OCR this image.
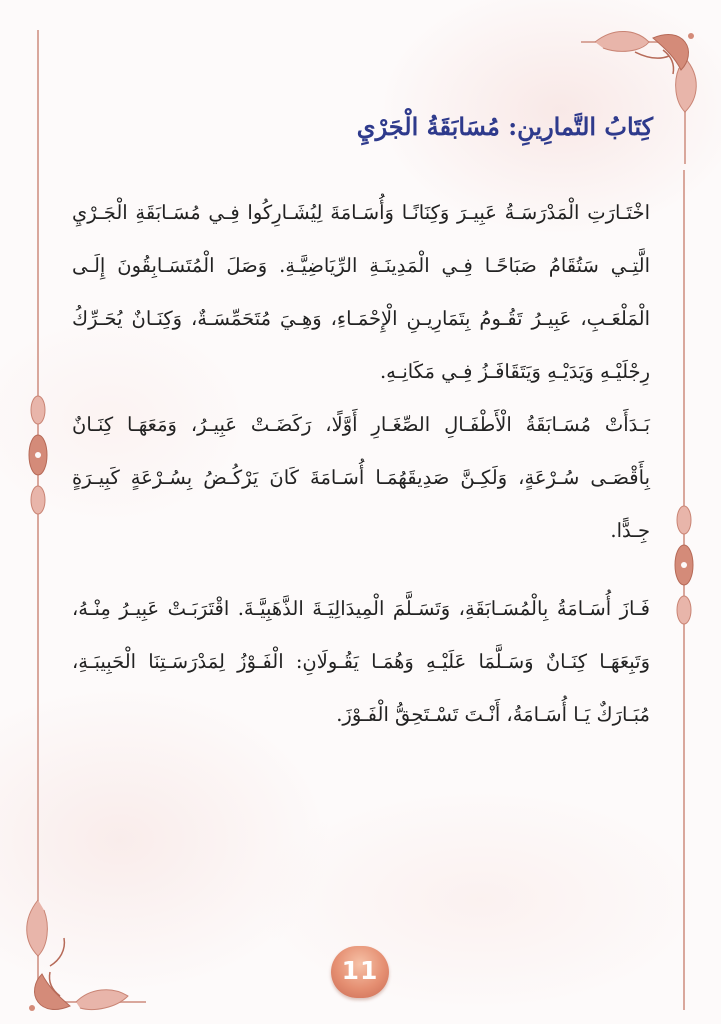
كِتَابُ التَّمارِينِ: مُسَابَقَةُ الْجَرْيِ

اخْتَـارَتِ الْمَدْرَسَـةُ عَبِيـرَ وَكِنَانًـا وَأُسَـامَةَ لِيُشَـارِكُوا فِـي مُسَـابَقَةِ الْجَـرْيِ الَّتِـي سَتُقَامُ صَبَاحًـا فِـي الْمَدِينَـةِ الرِّيَاضِيَّـةِ. وَصَلَ الْمُتَسَـابِقُونَ إِلَـى الْمَلْعَـبِ، عَبِيـرُ تَقُـومُ بِتَمَارِيـنِ الْإِحْمَـاءِ، وَهِـيَ مُتَحَمِّسَـةٌ، وَكِنَـانٌ يُحَـرِّكُ رِجْلَيْـهِ وَيَدَيْـهِ وَيَتَقَافَـزُ فِـي مَكَانِـهِ.

بَـدَأَتْ مُسَـابَقَةُ الْأَطْفَـالِ الصِّغَـارِ أَوَّلًا، رَكَضَـتْ عَبِيـرُ، وَمَعَهَـا كِنَـانٌ بِأَقْصَـى سُـرْعَةٍ، وَلَكِـنَّ صَدِيقَهُمَـا أُسَـامَةَ كَانَ يَرْكُـضُ بِسُـرْعَةٍ كَبِيـرَةٍ جِـدًّا.

فَـازَ أُسَـامَةُ بِالْمُسَـابَقَةِ، وَتَسَـلَّمَ الْمِيدَالِيَـةَ الذَّهَبِيَّـةَ. اقْتَرَبَـتْ عَبِيـرُ مِنْـهُ، وَتَبِعَهَـا كِنَـانٌ وَسَـلَّمَا عَلَيْـهِ وَهُمَـا يَقُـولَانِ: الْفَـوْزُ لِمَدْرَسَـتِنَا الْحَبِيبَـةِ، مُبَـارَكٌ يَـا أُسَـامَةُ، أَنْـتَ تَسْـتَحِقُّ الْفَـوْزَ.

11
